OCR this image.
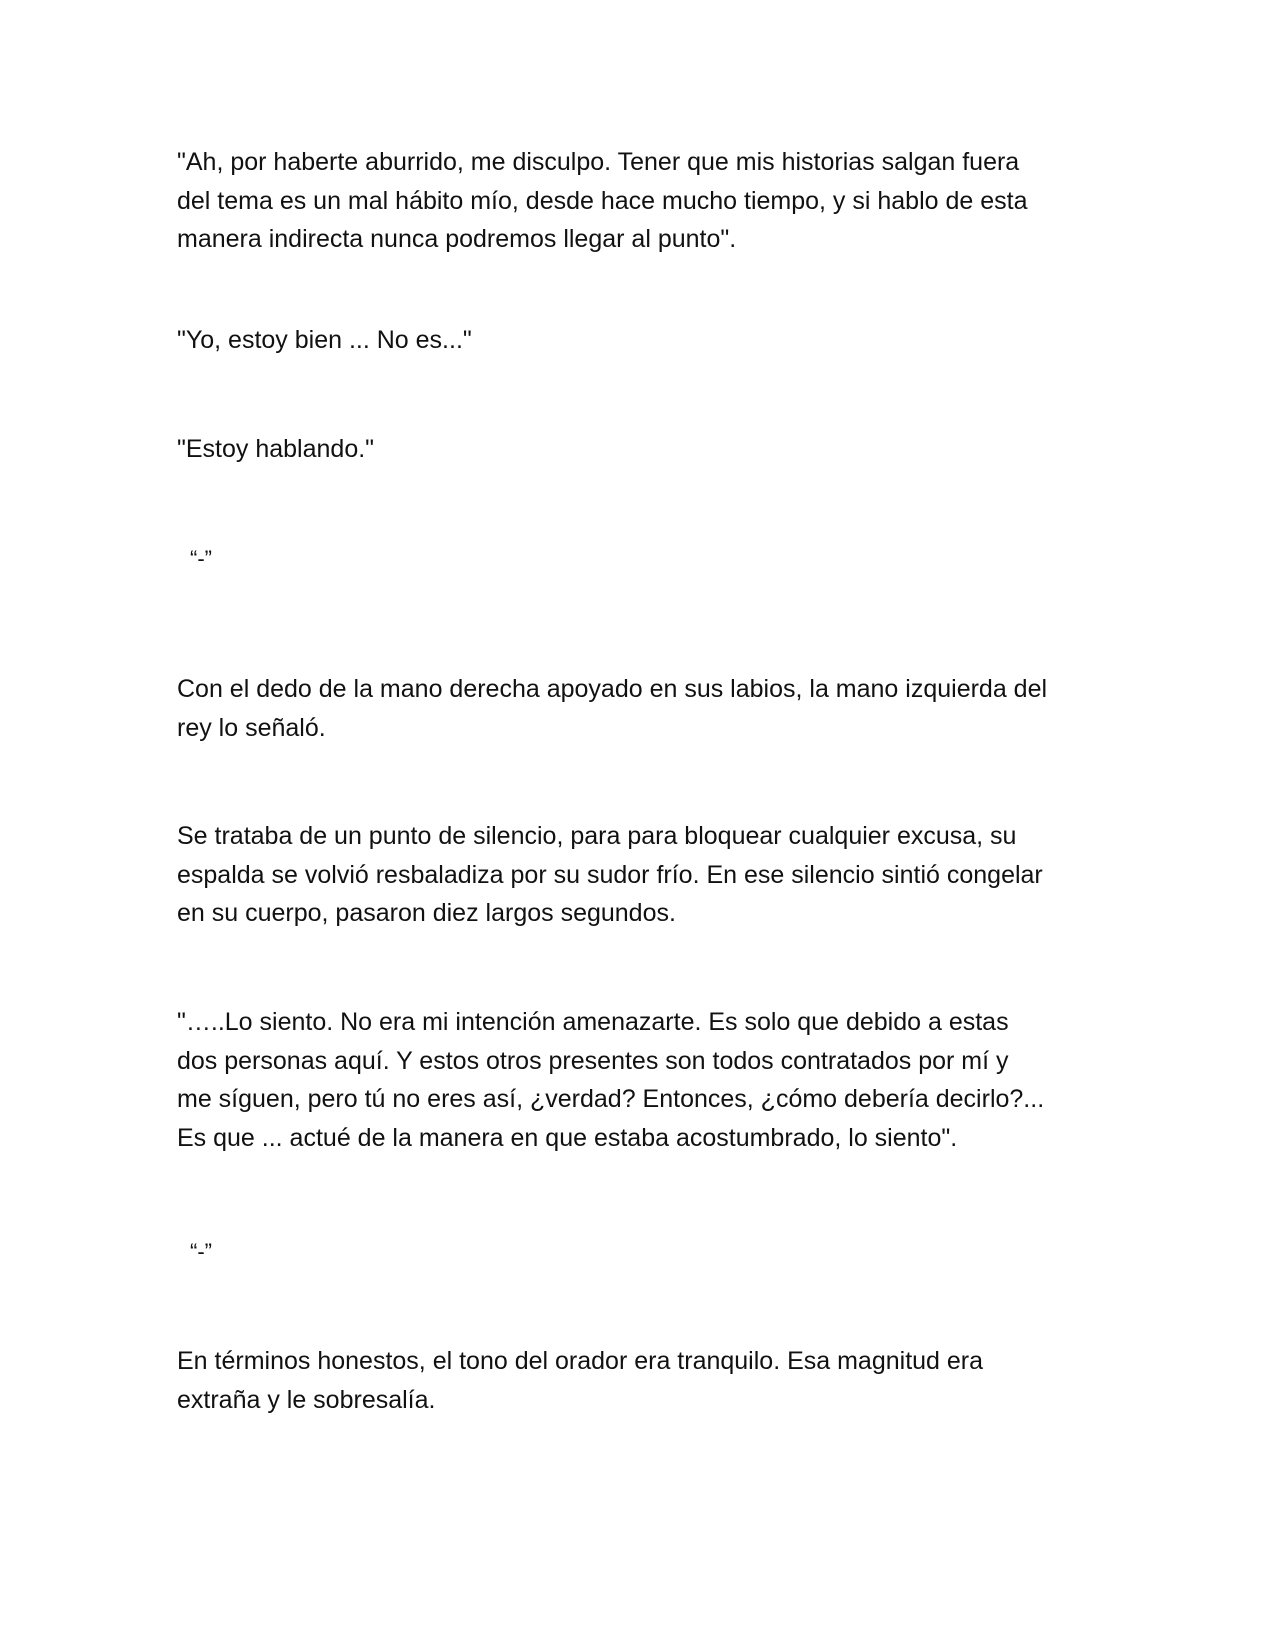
"Ah, por haberte aburrido, me disculpo. Tener que mis historias salgan fuera
del tema es un mal hábito mío, desde hace mucho tiempo, y si hablo de esta
manera indirecta nunca podremos llegar al punto".

"Yo, estoy bien ... No es..."

"Estoy hablando."

“-”

Con el dedo de la mano derecha apoyado en sus labios, la mano izquierda del
rey lo señaló.

Se trataba de un punto de silencio, para para bloquear cualquier excusa, su
espalda se volvió resbaladiza por su sudor frío. En ese silencio sintió congelar
en su cuerpo, pasaron diez largos segundos.

"…..Lo siento. No era mi intención amenazarte. Es solo que debido a estas
dos personas aquí. Y estos otros presentes son todos contratados por mí y
me síguen, pero tú no eres así, ¿verdad? Entonces, ¿cómo debería decirlo?...
Es que ... actué de la manera en que estaba acostumbrado, lo siento".

“-”

En términos honestos, el tono del orador era tranquilo. Esa magnitud era
extraña y le sobresalía.
